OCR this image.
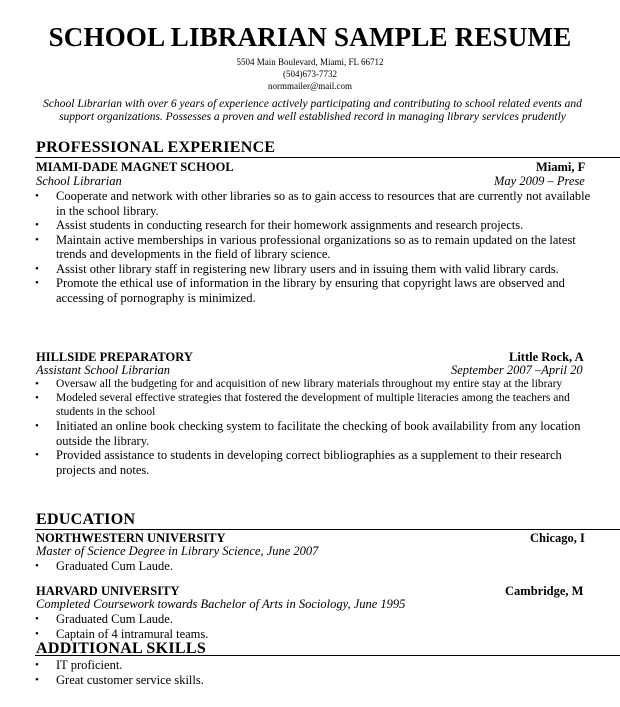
SCHOOL LIBRARIAN SAMPLE RESUME
5504 Main Boulevard, Miami, FL 66712
(504)673-7732
normmailer@mail.com
School Librarian with over 6 years of experience actively participating and contributing to school related events and support organizations. Possesses a proven and well established record in managing library services prudently
PROFESSIONAL EXPERIENCE
MIAMI-DADE MAGNET SCHOOL	Miami, F
School Librarian	May 2009 – Prese
• Cooperate and network with other libraries so as to gain access to resources that are currently not available in the school library.
• Assist students in conducting research for their homework assignments and research projects.
• Maintain active memberships in various professional organizations so as to remain updated on the latest trends and developments in the field of library science.
• Assist other library staff in registering new library users and in issuing them with valid library cards.
• Promote the ethical use of information in the library by ensuring that copyright laws are observed and accessing of pornography is minimized.
HILLSIDE PREPARATORY	Little Rock, A
Assistant School Librarian	September 2007 –April 20
• Oversaw all the budgeting for and acquisition of new library materials throughout my entire stay at the library
• Modeled several effective strategies that fostered the development of multiple literacies among the teachers and students in the school
• Initiated an online book checking system to facilitate the checking of book availability from any location outside the library.
• Provided assistance to students in developing correct bibliographies as a supplement to their research projects and notes.
EDUCATION
NORTHWESTERN UNIVERSITY	Chicago, I
Master of Science Degree in Library Science, June 2007
• Graduated Cum Laude.
HARVARD UNIVERSITY	Cambridge, M
Completed Coursework towards Bachelor of Arts in Sociology, June 1995
• Graduated Cum Laude.
• Captain of 4 intramural teams.
ADDITIONAL SKILLS
• IT proficient.
• Great customer service skills.
